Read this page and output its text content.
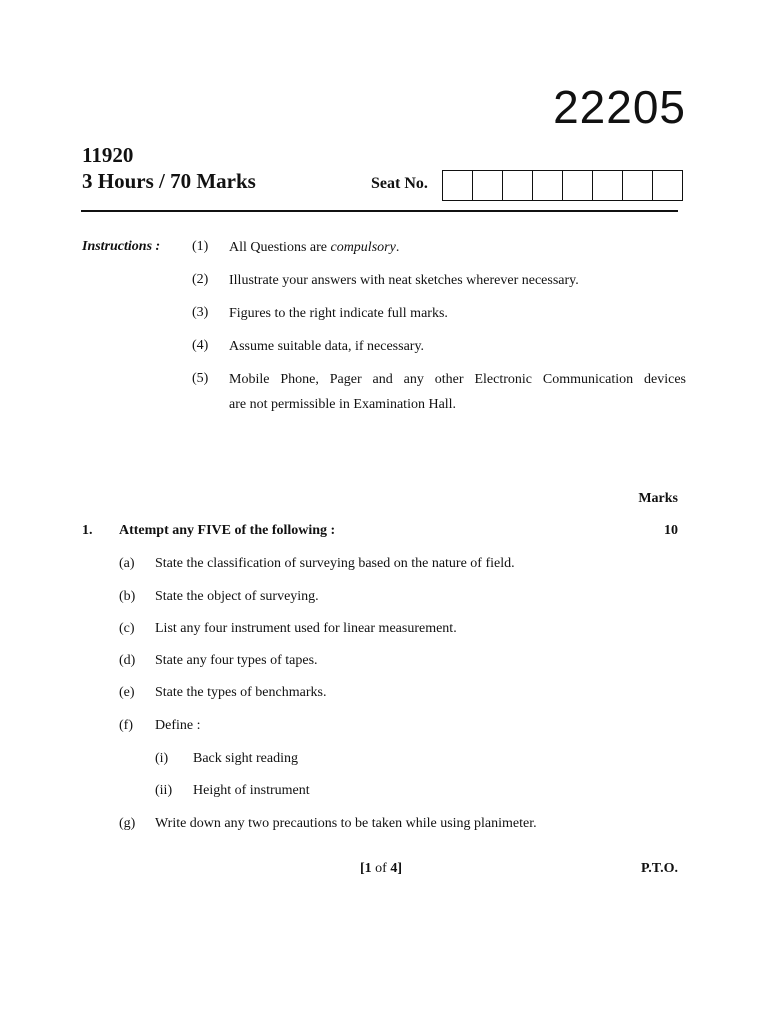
22205
11920
3 Hours / 70 Marks	Seat No.
Instructions : (1) All Questions are compulsory.
(2) Illustrate your answers with neat sketches wherever necessary.
(3) Figures to the right indicate full marks.
(4) Assume suitable data, if necessary.
(5) Mobile Phone, Pager and any other Electronic Communication devices
are not permissible in Examination Hall.
Marks
1. Attempt any FIVE of the following :	10
(a) State the classification of surveying based on the nature of field.
(b) State the object of surveying.
(c) List any four instrument used for linear measurement.
(d) State any four types of tapes.
(e) State the types of benchmarks.
(f) Define :
(i) Back sight reading
(ii) Height of instrument
(g) Write down any two precautions to be taken while using planimeter.
[1 of 4]	P.T.O.
